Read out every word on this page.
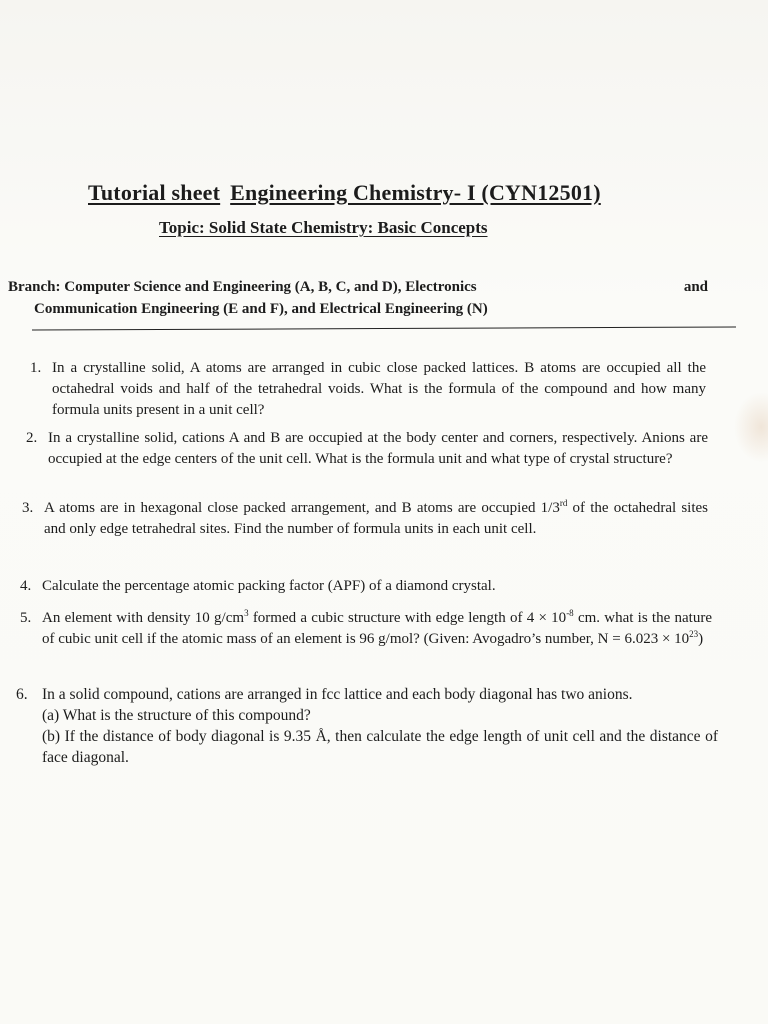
Tutorial sheet Engineering Chemistry- I (CYN12501)
Topic: Solid State Chemistry: Basic Concepts
Branch: Computer Science and Engineering (A, B, C, and D), Electronics	and
Communication Engineering (E and F), and Electrical Engineering (N)
1. In a crystalline solid, A atoms are arranged in cubic close packed lattices. B atoms are occupied all the octahedral voids and half of the tetrahedral voids. What is the formula of the compound and how many formula units present in a unit cell?

2. In a crystalline solid, cations A and B are occupied at the body center and corners, respectively. Anions are occupied at the edge centers of the unit cell. What is the formula unit and what type of crystal structure?

3. A atoms are in hexagonal close packed arrangement, and B atoms are occupied 1/3rd of the octahedral sites and only edge tetrahedral sites. Find the number of formula units in each unit cell.

4. Calculate the percentage atomic packing factor (APF) of a diamond crystal.

5. An element with density 10 $g/cm^3$ formed a cubic structure with edge length of $4 \times 10^{-8}$ cm. what is the nature of cubic unit cell if the atomic mass of an element is 96 g/mol? (Given: Avogadro’s number, $N = 6.023 \times 10^{23}$)

6. In a solid compound, cations are arranged in fcc lattice and each body diagonal has two anions.

(a) What is the structure of this compound?

(b) If the distance of body diagonal is 9.35 Å, then calculate the edge length of unit cell and the distance of face diagonal.
